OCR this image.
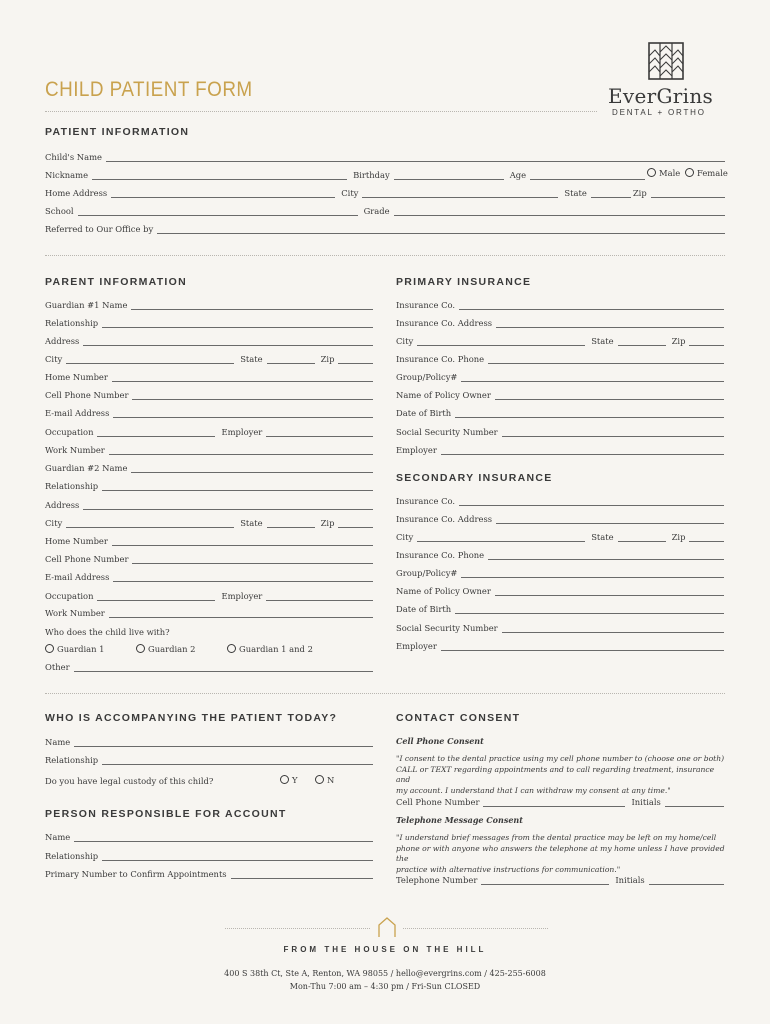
CHILD PATIENT FORM	EverGrins
DENTAL + ORTHO
PATIENT INFORMATION
Child's Name
Nickname	Birthday	Age	Male	Female
Home Address	City	State	Zip
School	Grade
Referred to Our Office by
PARENT INFORMATION
Guardian #1 Name
Relationship
Address
City	State	Zip
Home Number
Cell Phone Number
E-mail Address
Occupation	Employer
Work Number
Guardian #2 Name
Relationship
Address
City	State	Zip
Home Number
Cell Phone Number
E-mail Address
Occupation	Employer
Work Number
Who does the child live with?
Guardian 1	Guardian 2	Guardian 1 and 2
Other
PRIMARY INSURANCE
Insurance Co.
Insurance Co. Address
City	State	Zip
Insurance Co. Phone
Group/Policy#
Name of Policy Owner
Date of Birth
Social Security Number
Employer
SECONDARY INSURANCE
Insurance Co.
Insurance Co. Address
City	State	Zip
Insurance Co. Phone
Group/Policy#
Name of Policy Owner
Date of Birth
Social Security Number
Employer
WHO IS ACCOMPANYING THE PATIENT TODAY?
Name
Relationship
Do you have legal custody of this child?	Y	N
PERSON RESPONSIBLE FOR ACCOUNT
Name
Relationship
Primary Number to Confirm Appointments
CONTACT CONSENT
Cell Phone Consent
"I consent to the dental practice using my cell phone number to (choose one or both)
CALL or TEXT regarding appointments and to call regarding treatment, insurance and
my account. I understand that I can withdraw my consent at any time."
Cell Phone Number	Initials
Telephone Message Consent
"I understand brief messages from the dental practice may be left on my home/cell
phone or with anyone who answers the telephone at my home unless I have provided the
practice with alternative instructions for communication."
Telephone Number	Initials
FROM THE HOUSE ON THE HILL
400 S 38th Ct, Ste A, Renton, WA 98055 / hello@evergrins.com / 425-255-6008
Mon-Thu 7:00 am – 4:30 pm / Fri-Sun CLOSED
